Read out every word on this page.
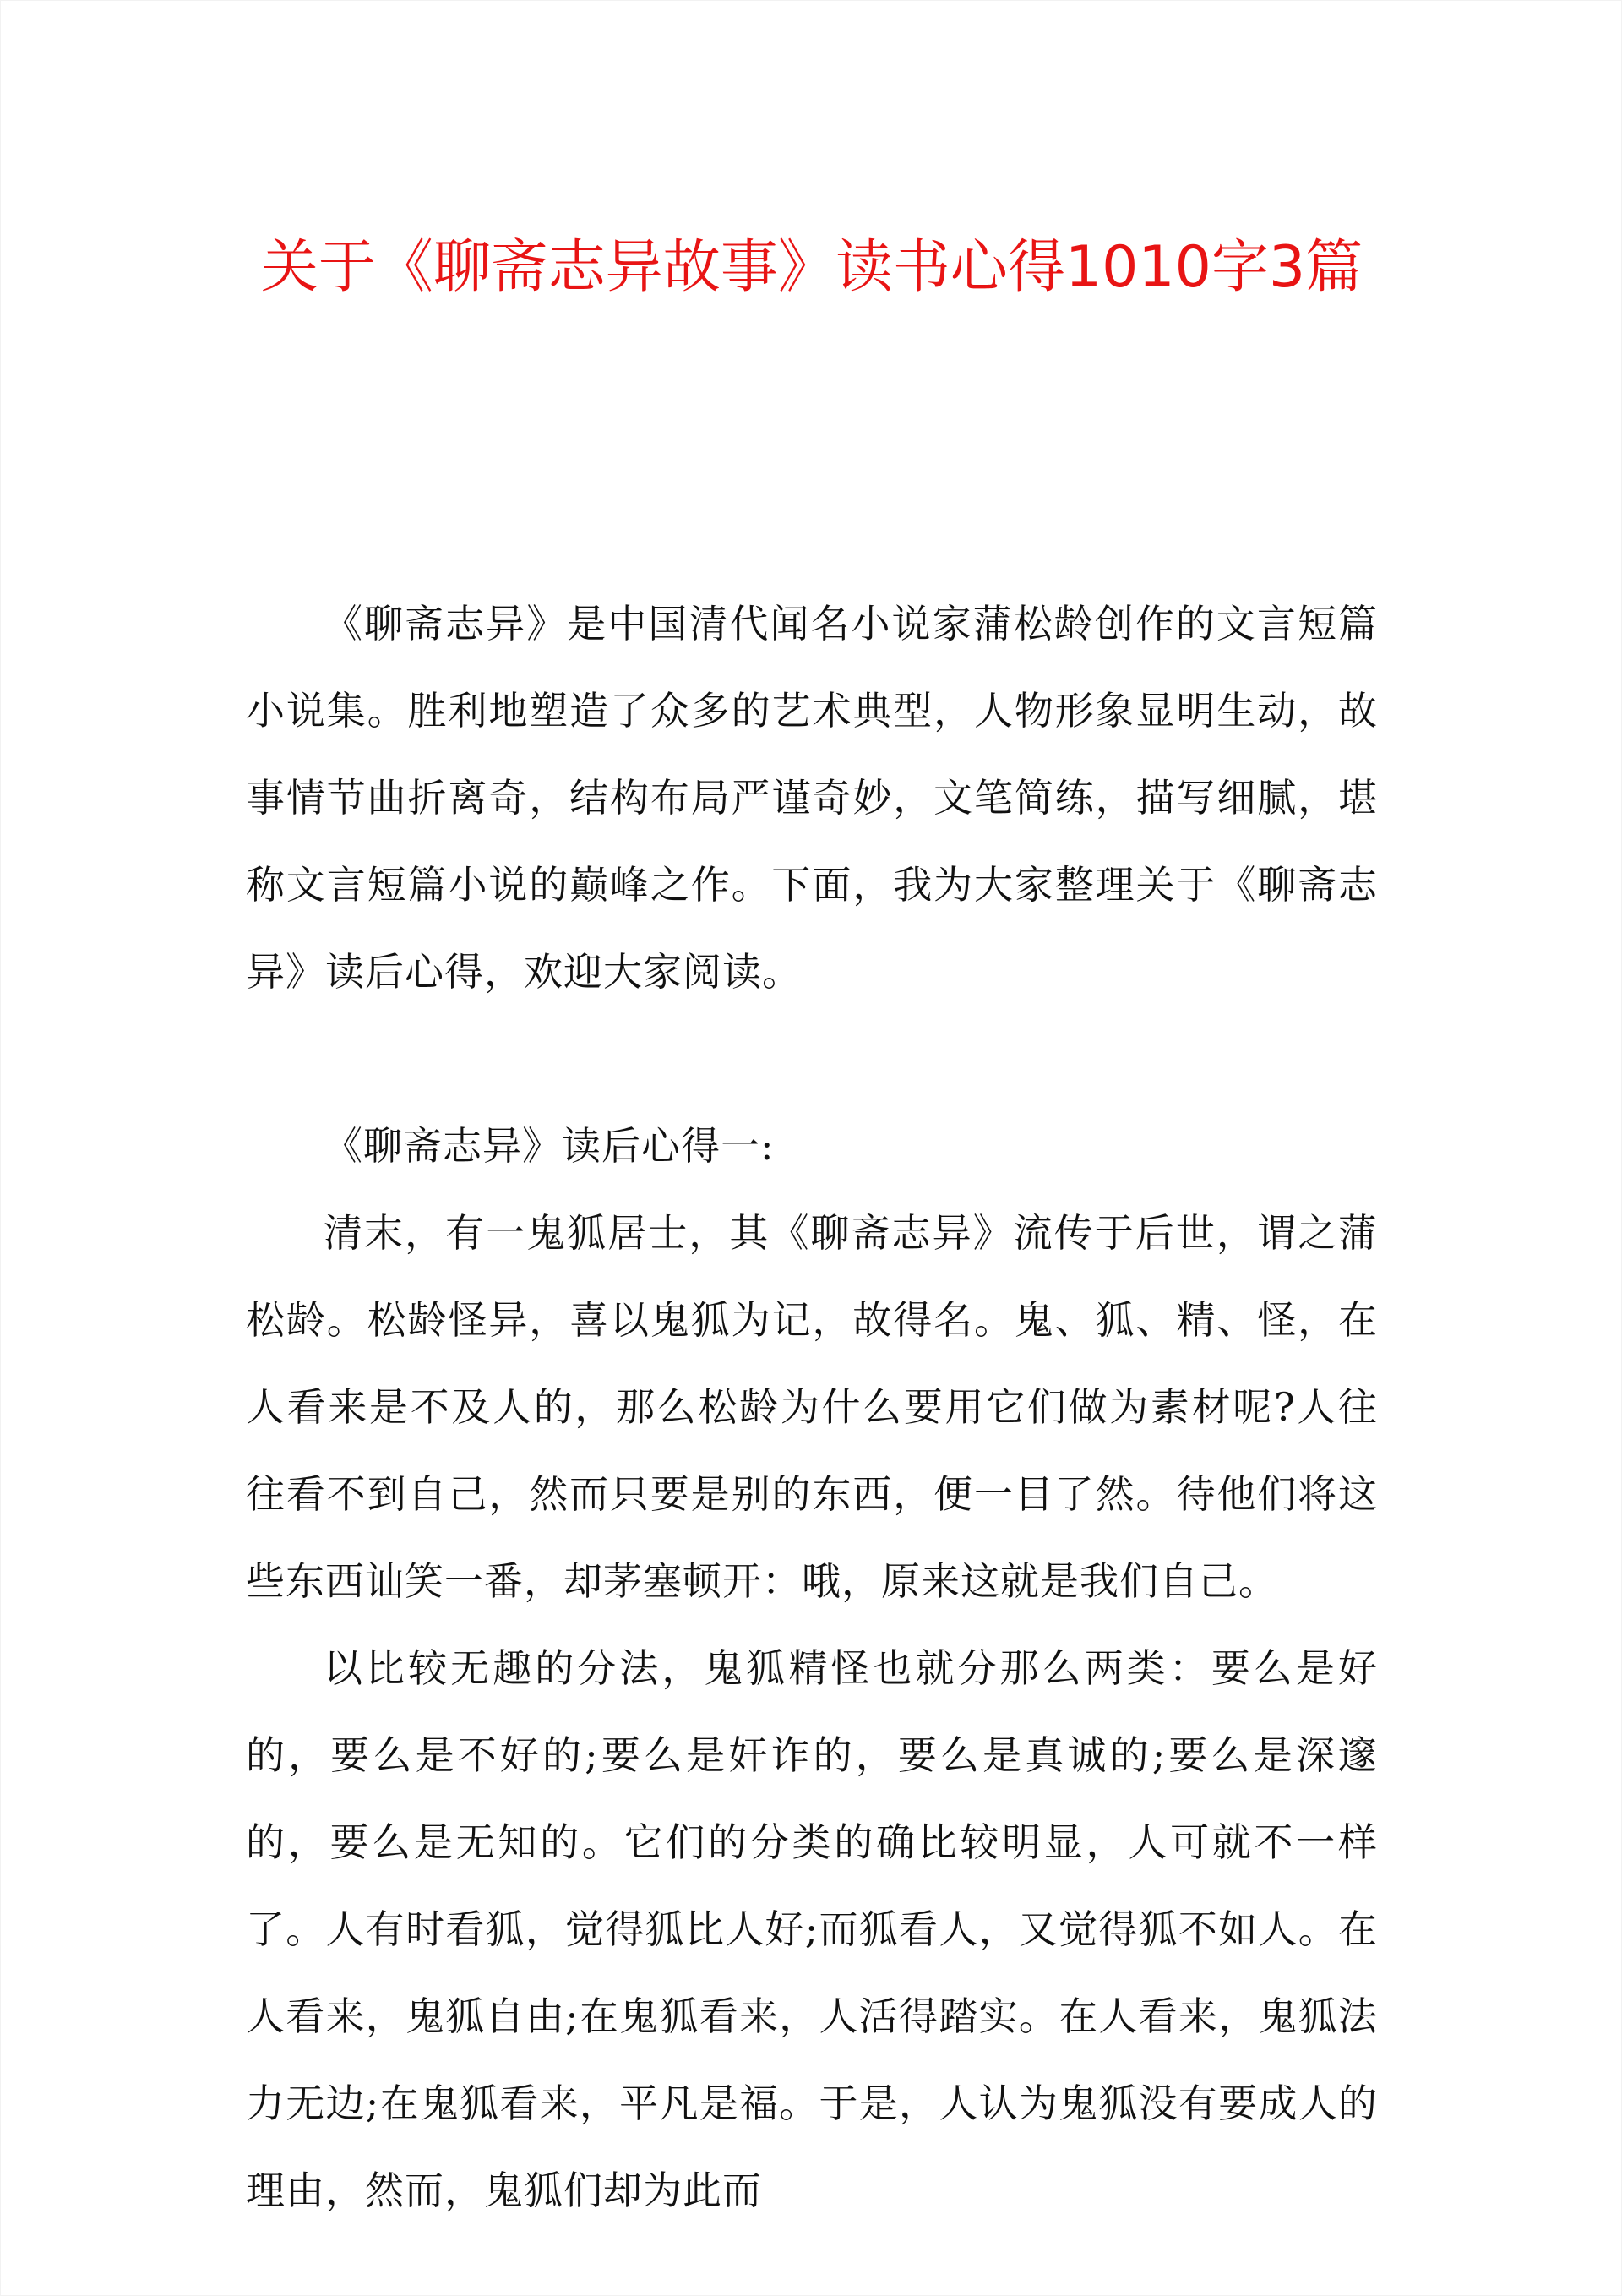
关于《聊斋志异故事》读书心得1010字3篇

《聊斋志异》是中国清代闻名小说家蒲松龄创作的文言短篇小说集。胜利地塑造了众多的艺术典型，人物形象显明生动，故事情节曲折离奇，结构布局严谨奇妙，文笔简练，描写细腻，堪称文言短篇小说的巅峰之作。下面，我为大家整理关于《聊斋志异》读后心得，欢迎大家阅读。

《聊斋志异》读后心得一:

清末，有一鬼狐居士，其《聊斋志异》流传于后世，谓之蒲松龄。松龄怪异，喜以鬼狐为记，故得名。鬼、狐、精、怪，在人看来是不及人的，那么松龄为什么要用它们做为素材呢?人往往看不到自己，然而只要是别的东西，便一目了然。待他们将这些东西讪笑一番，却茅塞顿开：哦，原来这就是我们自己。

以比较无趣的分法，鬼狐精怪也就分那么两类：要么是好的，要么是不好的;要么是奸诈的，要么是真诚的;要么是深邃的，要么是无知的。它们的分类的确比较明显，人可就不一样了。人有时看狐，觉得狐比人好;而狐看人，又觉得狐不如人。在人看来，鬼狐自由;在鬼狐看来，人活得踏实。在人看来，鬼狐法力无边;在鬼狐看来，平凡是福。于是，人认为鬼狐没有要成人的理由，然而，鬼狐们却为此而
